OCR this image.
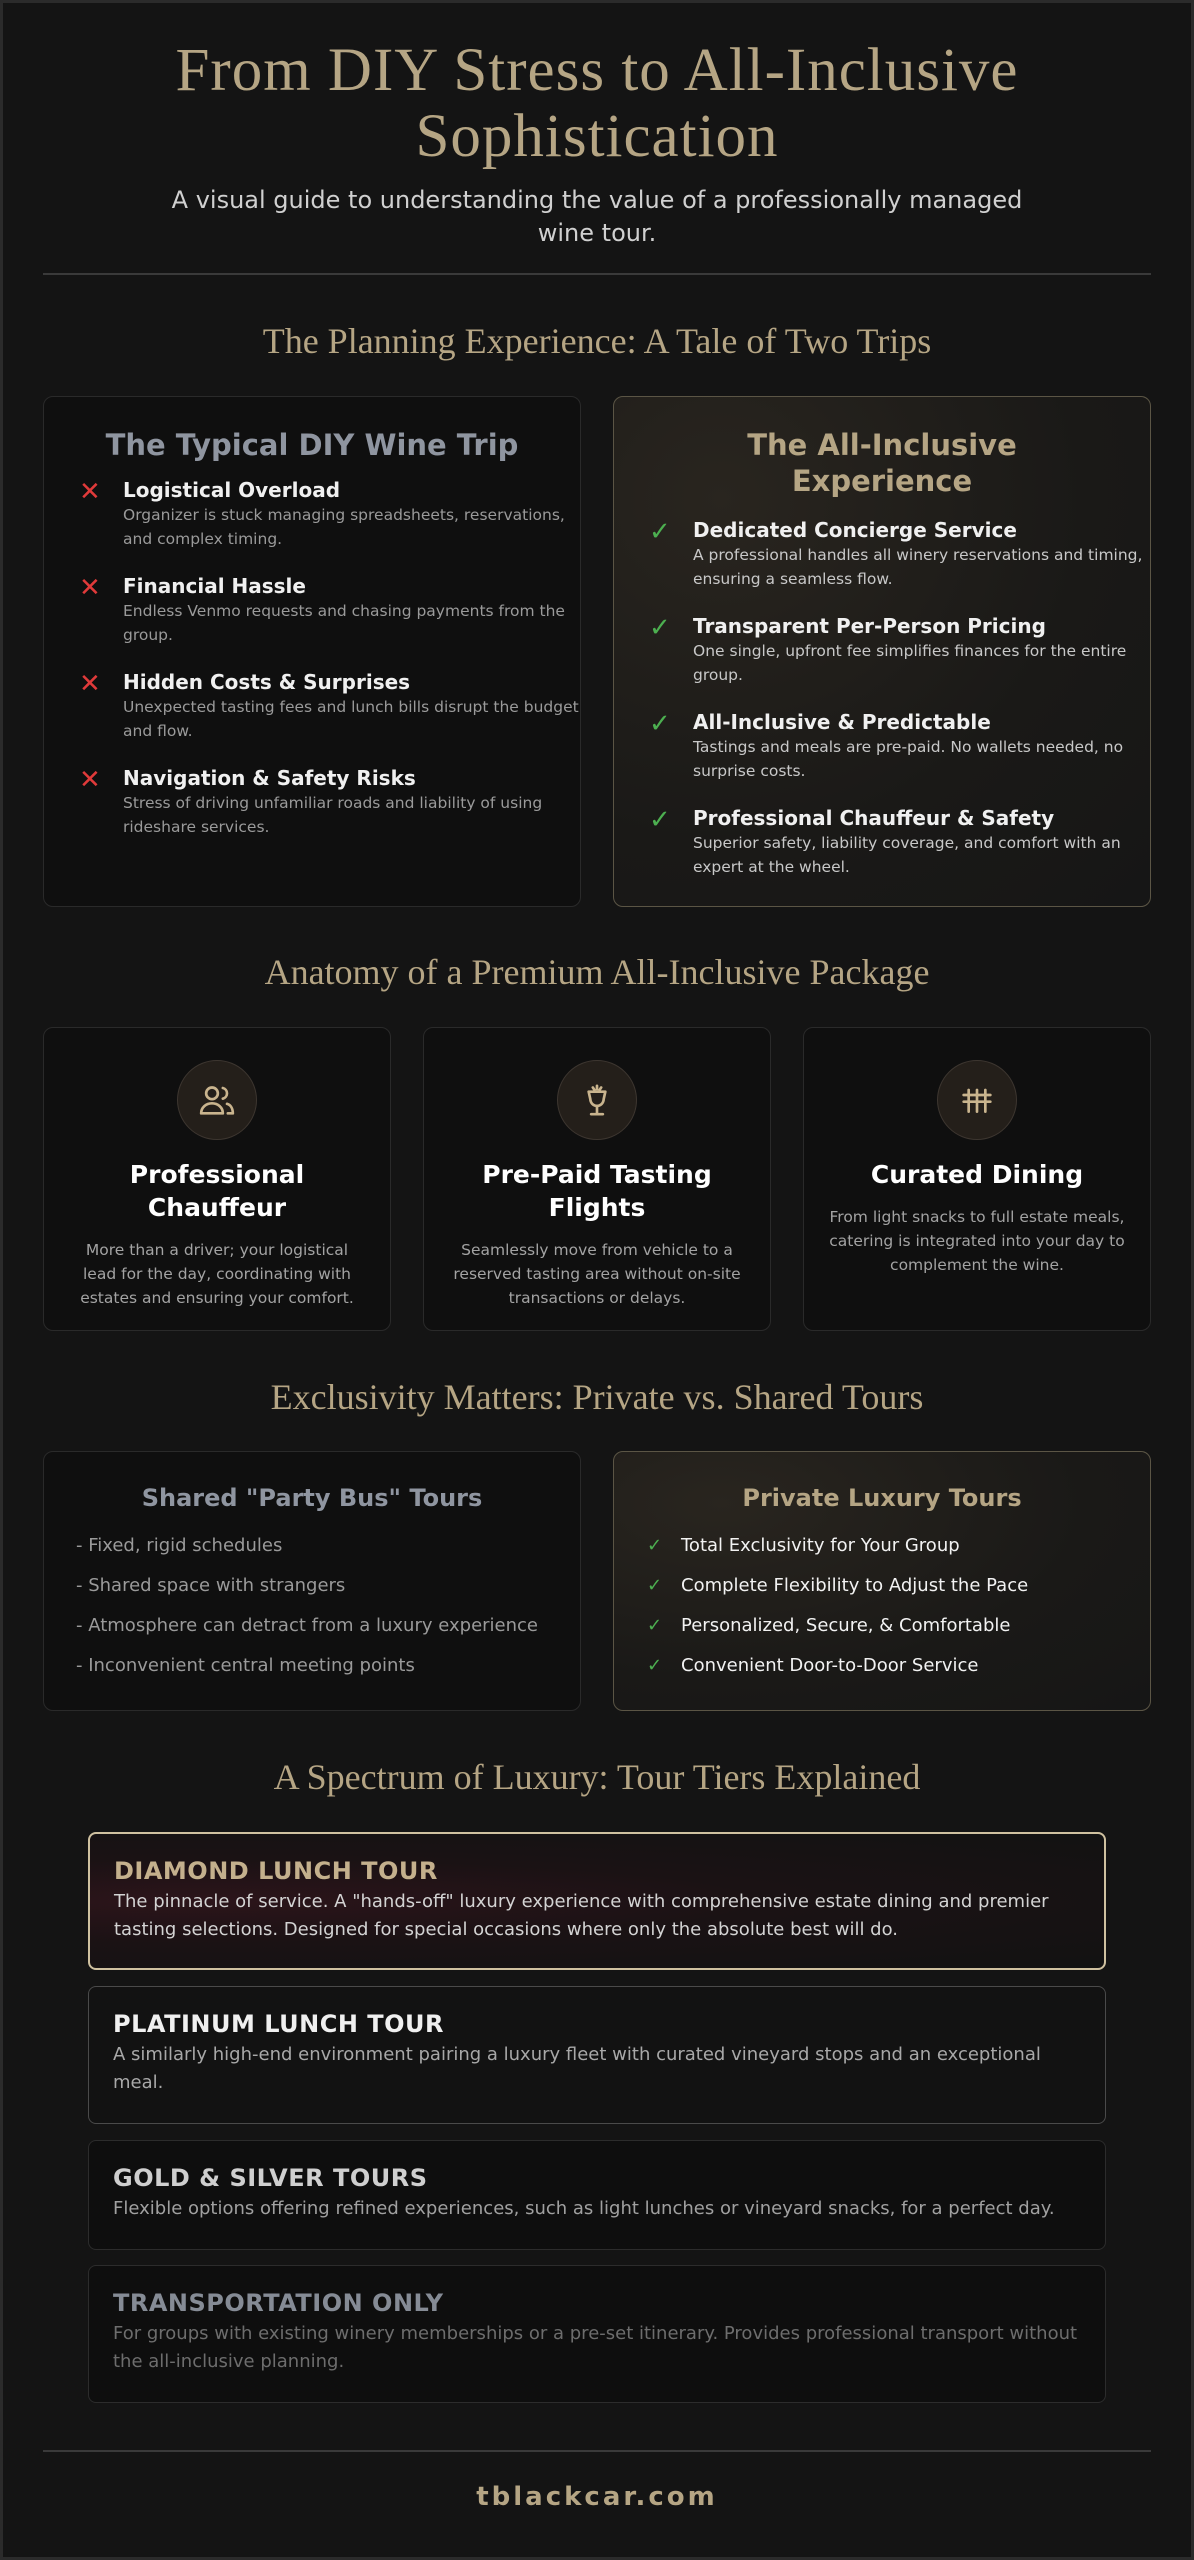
From DIY Stress to All-Inclusive
Sophistication
A visual guide to understanding the value of a professionally managed wine tour.
The Planning Experience: A Tale of Two Trips
The Typical DIY Wine Trip
✕ Logistical Overload
Organizer is stuck managing spreadsheets, reservations, and complex timing.
✕ Financial Hassle
Endless Venmo requests and chasing payments from the group.
✕ Hidden Costs & Surprises
Unexpected tasting fees and lunch bills disrupt the budget and flow.
✕ Navigation & Safety Risks
Stress of driving unfamiliar roads and liability of using rideshare services.
The All-Inclusive
Experience
✓ Dedicated Concierge Service
A professional handles all winery reservations and timing, ensuring a seamless flow.
✓ Transparent Per-Person Pricing
One single, upfront fee simplifies finances for the entire group.
✓ All-Inclusive & Predictable
Tastings and meals are pre-paid. No wallets needed, no surprise costs.
✓ Professional Chauffeur & Safety
Superior safety, liability coverage, and comfort with an expert at the wheel.
Anatomy of a Premium All-Inclusive Package
Professional
Chauffeur
More than a driver; your logistical lead for the day, coordinating with estates and ensuring your comfort.
Pre-Paid Tasting
Flights
Seamlessly move from vehicle to a reserved tasting area without on-site transactions or delays.
Curated Dining
From light snacks to full estate meals, catering is integrated into your day to complement the wine.
Exclusivity Matters: Private vs. Shared Tours
Shared "Party Bus" Tours
- Fixed, rigid schedules
- Shared space with strangers
- Atmosphere can detract from a luxury experience
- Inconvenient central meeting points
Private Luxury Tours
✓ Total Exclusivity for Your Group
✓ Complete Flexibility to Adjust the Pace
✓ Personalized, Secure, & Comfortable
✓ Convenient Door-to-Door Service
A Spectrum of Luxury: Tour Tiers Explained
DIAMOND LUNCH TOUR
The pinnacle of service. A "hands-off" luxury experience with comprehensive estate dining and premier tasting selections. Designed for special occasions where only the absolute best will do.
PLATINUM LUNCH TOUR
A similarly high-end environment pairing a luxury fleet with curated vineyard stops and an exceptional meal.
GOLD & SILVER TOURS
Flexible options offering refined experiences, such as light lunches or vineyard snacks, for a perfect day.
TRANSPORTATION ONLY
For groups with existing winery memberships or a pre-set itinerary. Provides professional transport without the all-inclusive planning.
tblackcar.com
